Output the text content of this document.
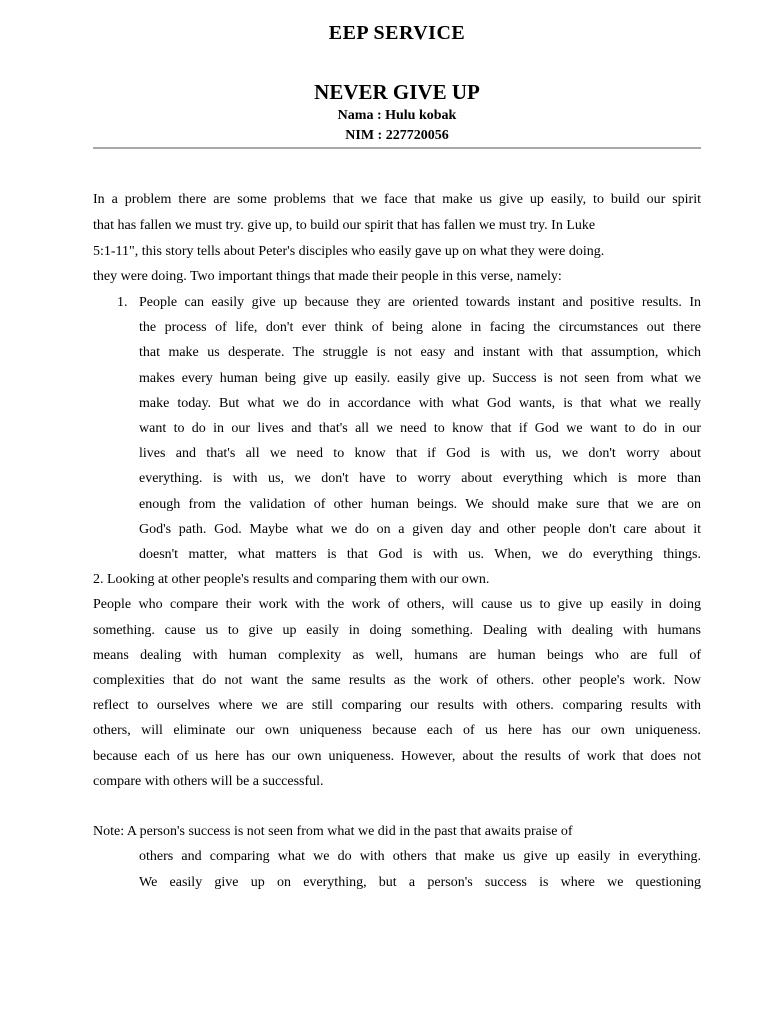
EEP SERVICE
NEVER GIVE UP
Nama : Hulu kobak
NIM : 227720056
In a problem there are some problems that we face that make us give up easily, to build our spirit
that has fallen we must try. give up, to build our spirit that has fallen we must try. In Luke
5:1-11", this story tells about Peter's disciples who easily gave up on what they were doing.
they were doing. Two important things that made their people in this verse, namely:
1. People can easily give up because they are oriented towards instant and positive results. In
the process of life, don't ever think of being alone in facing the circumstances out there
that make us desperate. The struggle is not easy and instant with that assumption, which
makes every human being give up easily. easily give up. Success is not seen from what we
make today. But what we do in accordance with what God wants, is that what we really
want to do in our lives and that's all we need to know that if God we want to do in our
lives and that's all we need to know that if God is with us, we don't worry about
everything. is with us, we don't have to worry about everything which is more than
enough from the validation of other human beings. We should make sure that we are on
God's path. God. Maybe what we do on a given day and other people don't care about it
doesn't matter, what matters is that God is with us. When, we do everything things.
2. Looking at other people's results and comparing them with our own.
People who compare their work with the work of others, will cause us to give up easily in doing
something. cause us to give up easily in doing something. Dealing with dealing with humans
means dealing with human complexity as well, humans are human beings who are full of
complexities that do not want the same results as the work of others. other people's work. Now
reflect to ourselves where we are still comparing our results with others. comparing results with
others, will eliminate our own uniqueness because each of us here has our own uniqueness.
because each of us here has our own uniqueness. However, about the results of work that does not
compare with others will be a successful.
Note: A person's success is not seen from what we did in the past that awaits praise of
others and comparing what we do with others that make us give up easily in everything.
We easily give up on everything, but a person's success is where we questioning
